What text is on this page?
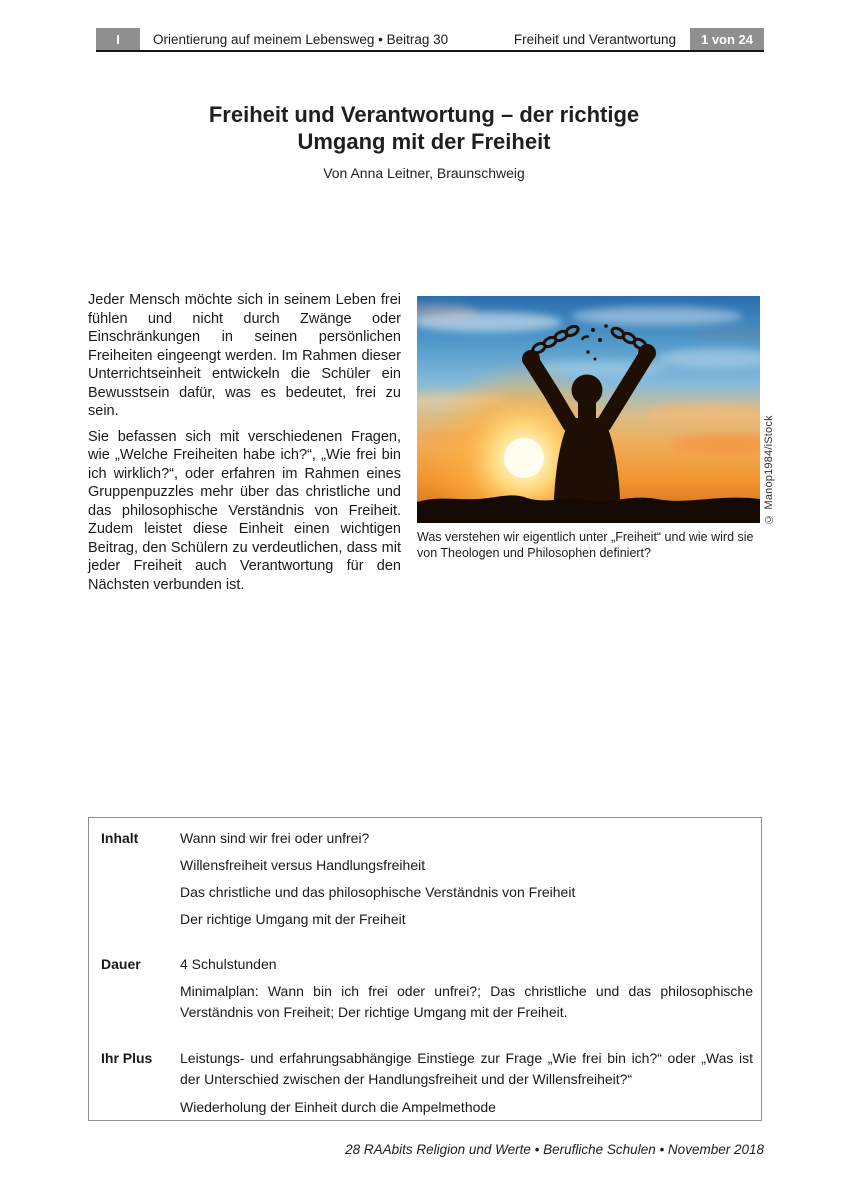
I	Orientierung auf meinem Lebensweg • Beitrag 30	Freiheit und Verantwortung	1 von 24
Freiheit und Verantwortung – der richtige
Umgang mit der Freiheit
Von Anna Leitner, Braunschweig

Jeder Mensch möchte sich in seinem Leben frei fühlen und nicht durch Zwänge oder Einschränkungen in seinen persönlichen Freiheiten eingeengt werden. Im Rahmen dieser Unterrichtseinheit entwickeln die Schüler ein Bewusstsein dafür, was es bedeutet, frei zu sein.

Sie befassen sich mit verschiedenen Fragen, wie „Welche Freiheiten habe ich?“, „Wie frei bin ich wirklich?“, oder erfahren im Rahmen eines Gruppenpuzzles mehr über das christliche und das philosophische Verständnis von Freiheit. Zudem leistet diese Einheit einen wichtigen Beitrag, den Schülern zu verdeutlichen, dass mit jeder Freiheit auch Verantwortung für den Nächsten verbunden ist.

Was verstehen wir eigentlich unter „Freiheit“ und wie wird sie von Theologen und Philosophen definiert?
© Manop1984/iStock
Inhalt	Wann sind wir frei oder unfrei?
Willensfreiheit versus Handlungsfreiheit
Das christliche und das philosophische Verständnis von Freiheit
Der richtige Umgang mit der Freiheit
Dauer	4 Schulstunden
Minimalplan: Wann bin ich frei oder unfrei?; Das christliche und das philosophische Verständnis von Freiheit; Der richtige Umgang mit der Freiheit.
Ihr Plus	Leistungs- und erfahrungsabhängige Einstiege zur Frage „Wie frei bin ich?“ oder „Was ist der Unterschied zwischen der Handlungsfreiheit und der Willensfreiheit?“
Wiederholung der Einheit durch die Ampelmethode
28 RAAbits Religion und Werte • Berufliche Schulen • November 2018
